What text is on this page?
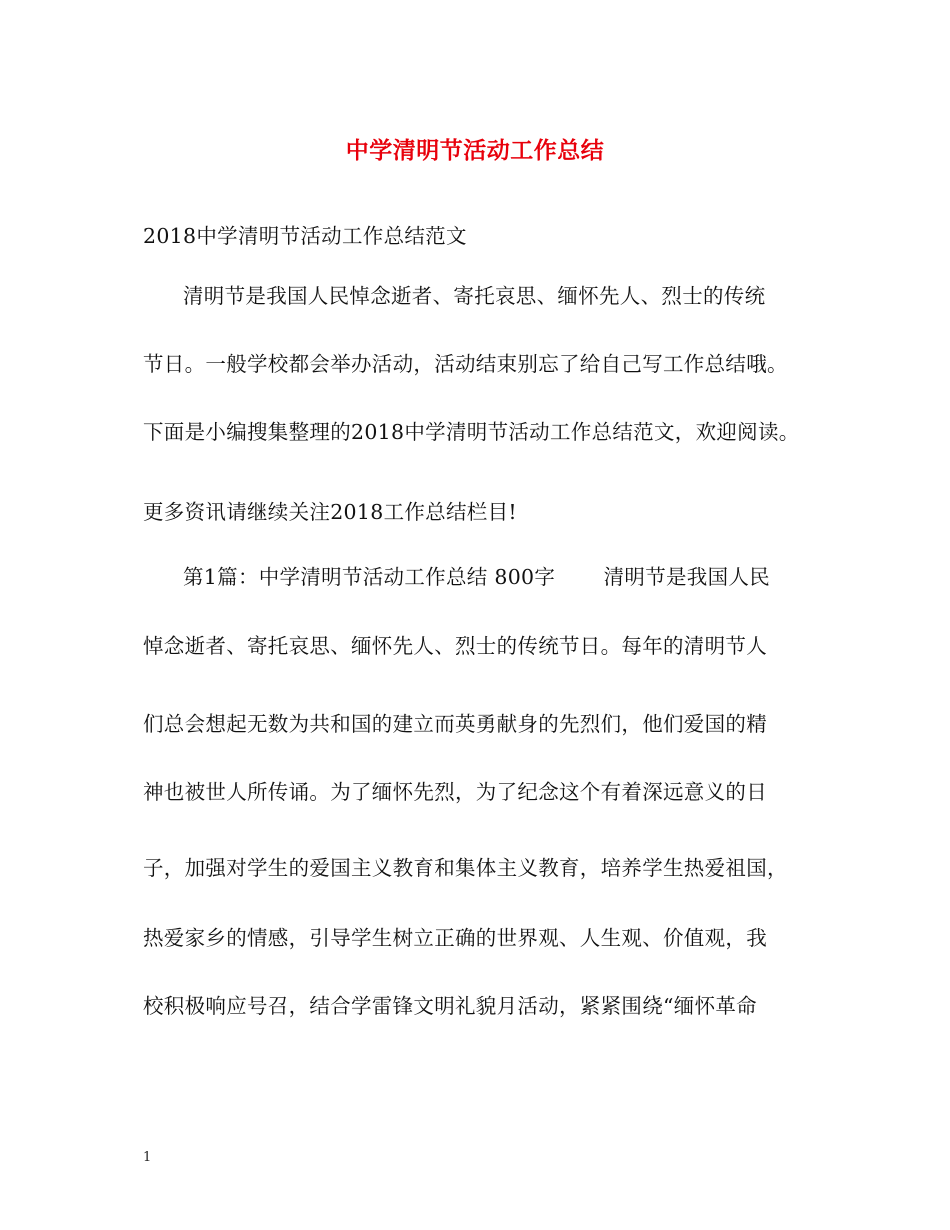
中学清明节活动工作总结
2018中学清明节活动工作总结范文
清明节是我国人民悼念逝者、寄托哀思、缅怀先人、烈士的传统
节日。一般学校都会举办活动，活动结束别忘了给自己写工作总结哦。
下面是小编搜集整理的2018中学清明节活动工作总结范文，欢迎阅读。
更多资讯请继续关注2018工作总结栏目!
第1篇：中学清明节活动工作总结 800字　　 清明节是我国人民
悼念逝者、寄托哀思、缅怀先人、烈士的传统节日。每年的清明节人
们总会想起无数为共和国的建立而英勇献身的先烈们，他们爱国的精
神也被世人所传诵。为了缅怀先烈，为了纪念这个有着深远意义的日
子，加强对学生的爱国主义教育和集体主义教育，培养学生热爱祖国，
热爱家乡的情感，引导学生树立正确的世界观、人生观、价值观，我
校积极响应号召，结合学雷锋文明礼貌月活动，紧紧围绕“缅怀革命
1
